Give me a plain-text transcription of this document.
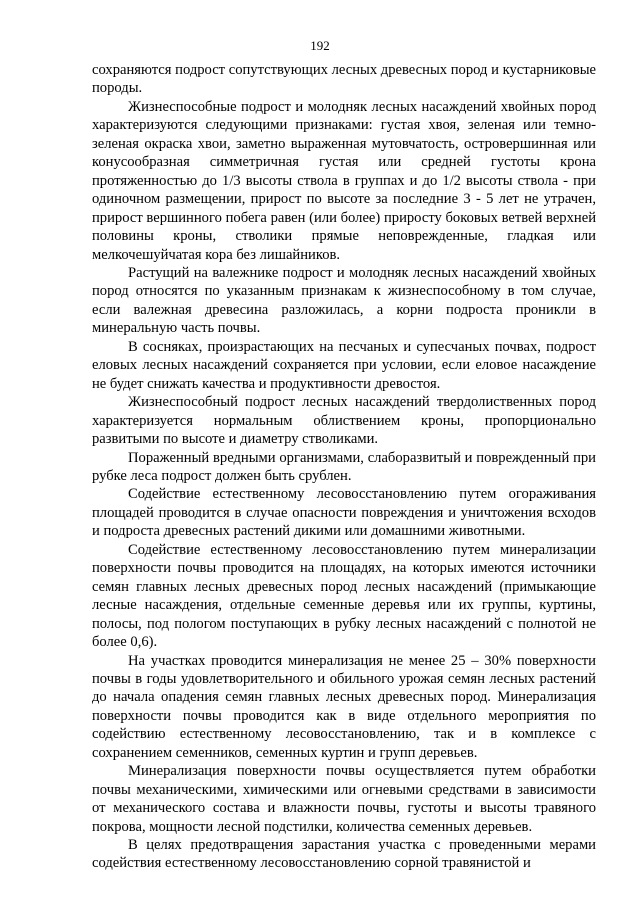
192

сохраняются подрост сопутствующих лесных древесных пород и кустарниковые породы.

Жизнеспособные подрост и молодняк лесных насаждений хвойных пород характеризуются следующими признаками: густая хвоя, зеленая или темно-зеленая окраска хвои, заметно выраженная мутовчатость, островершинная или конусообразная симметричная густая или средней густоты крона протяженностью до 1/3 высоты ствола в группах и до 1/2 высоты ствола - при одиночном размещении, прирост по высоте за последние 3 - 5 лет не утрачен, прирост вершинного побега равен (или более) приросту боковых ветвей верхней половины кроны, стволики прямые неповрежденные, гладкая или мелкочешуйчатая кора без лишайников.

Растущий на валежнике подрост и молодняк лесных насаждений хвойных пород относятся по указанным признакам к жизнеспособному в том случае, если валежная древесина разложилась, а корни подроста проникли в минеральную часть почвы.

В сосняках, произрастающих на песчаных и супесчаных почвах, подрост еловых лесных насаждений сохраняется при условии, если еловое насаждение не будет снижать качества и продуктивности древостоя.

Жизнеспособный подрост лесных насаждений твердолиственных пород характеризуется нормальным облиствением кроны, пропорционально развитыми по высоте и диаметру стволиками.

Пораженный вредными организмами, слаборазвитый и поврежденный при рубке леса подрост должен быть срублен.

Содействие естественному лесовосстановлению путем огораживания площадей проводится в случае опасности повреждения и уничтожения всходов и подроста древесных растений дикими или домашними животными.

Содействие естественному лесовосстановлению путем минерализации поверхности почвы проводится на площадях, на которых имеются источники семян главных лесных древесных пород лесных насаждений (примыкающие лесные насаждения, отдельные семенные деревья или их группы, куртины, полосы, под пологом поступающих в рубку лесных насаждений с полнотой не более 0,6).

На участках проводится минерализация не менее 25 – 30% поверхности почвы в годы удовлетворительного и обильного урожая семян лесных растений до начала опадения семян главных лесных древесных пород. Минерализация поверхности почвы проводится как в виде отдельного мероприятия по содействию естественному лесовосстановлению, так и в комплексе с сохранением семенников, семенных куртин и групп деревьев.

Минерализация поверхности почвы осуществляется путем обработки почвы механическими, химическими или огневыми средствами в зависимости от механического состава и влажности почвы, густоты и высоты травяного покрова, мощности лесной подстилки, количества семенных деревьев.

В целях предотвращения зарастания участка с проведенными мерами содействия естественному лесовосстановлению сорной травянистой и
